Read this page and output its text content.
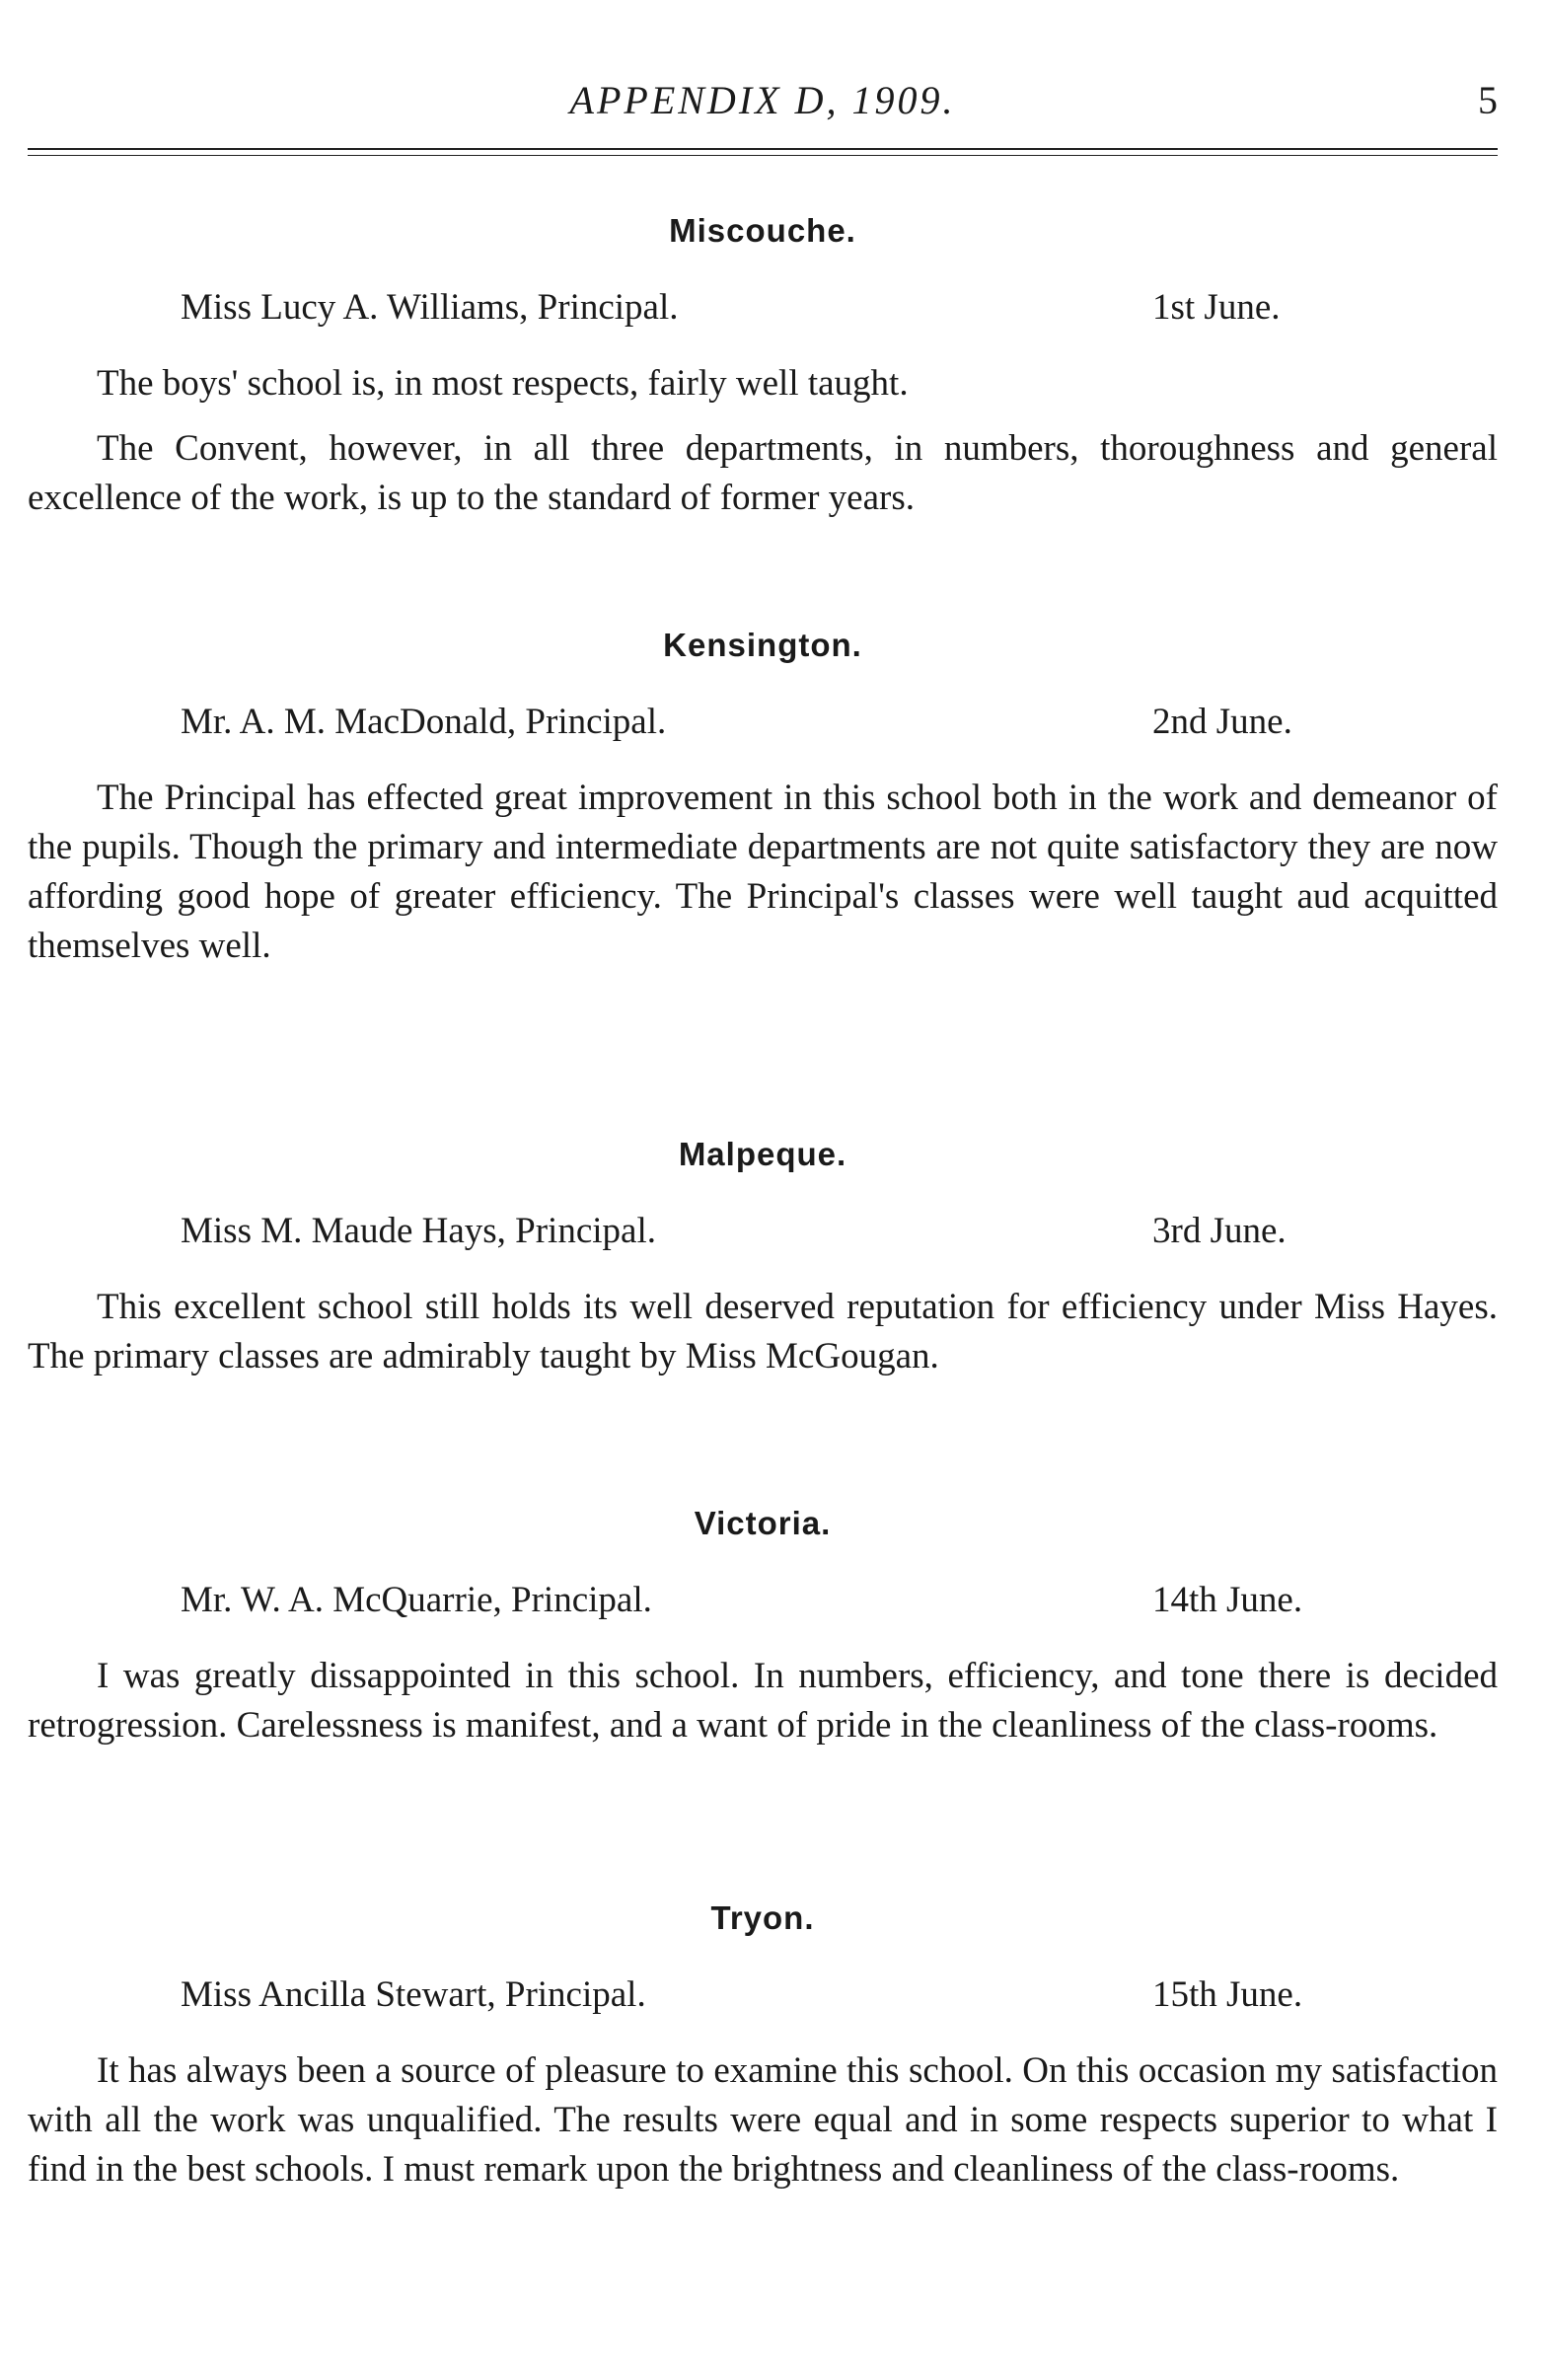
APPENDIX D, 1909.	5
Miscouche.
Miss Lucy A. Williams, Principal.	1st June.

The boys' school is, in most respects, fairly well taught.

The Convent, however, in all three departments, in numbers, thoroughness and general excellence of the work, is up to the standard of former years.

Kensington.
Mr. A. M. MacDonald, Principal.	2nd June.

The Principal has effected great improvement in this school both in the work and demeanor of the pupils. Though the primary and intermediate departments are not quite satisfactory they are now affording good hope of greater efficiency. The Principal's classes were well taught aud acquitted themselves well.

Malpeque.
Miss M. Maude Hays, Principal.	3rd June.

This excellent school still holds its well deserved reputation for efficiency under Miss Hayes. The primary classes are admirably taught by Miss McGougan.

Victoria.
Mr. W. A. McQuarrie, Principal.	14th June.

I was greatly dissappointed in this school. In numbers, efficiency, and tone there is decided retrogression. Carelessness is manifest, and a want of pride in the cleanliness of the class-rooms.

Tryon.
Miss Ancilla Stewart, Principal.	15th June.

It has always been a source of pleasure to examine this school. On this occasion my satisfaction with all the work was unqualified. The results were equal and in some respects superior to what I find in the best schools. I must remark upon the brightness and cleanliness of the class-rooms.
